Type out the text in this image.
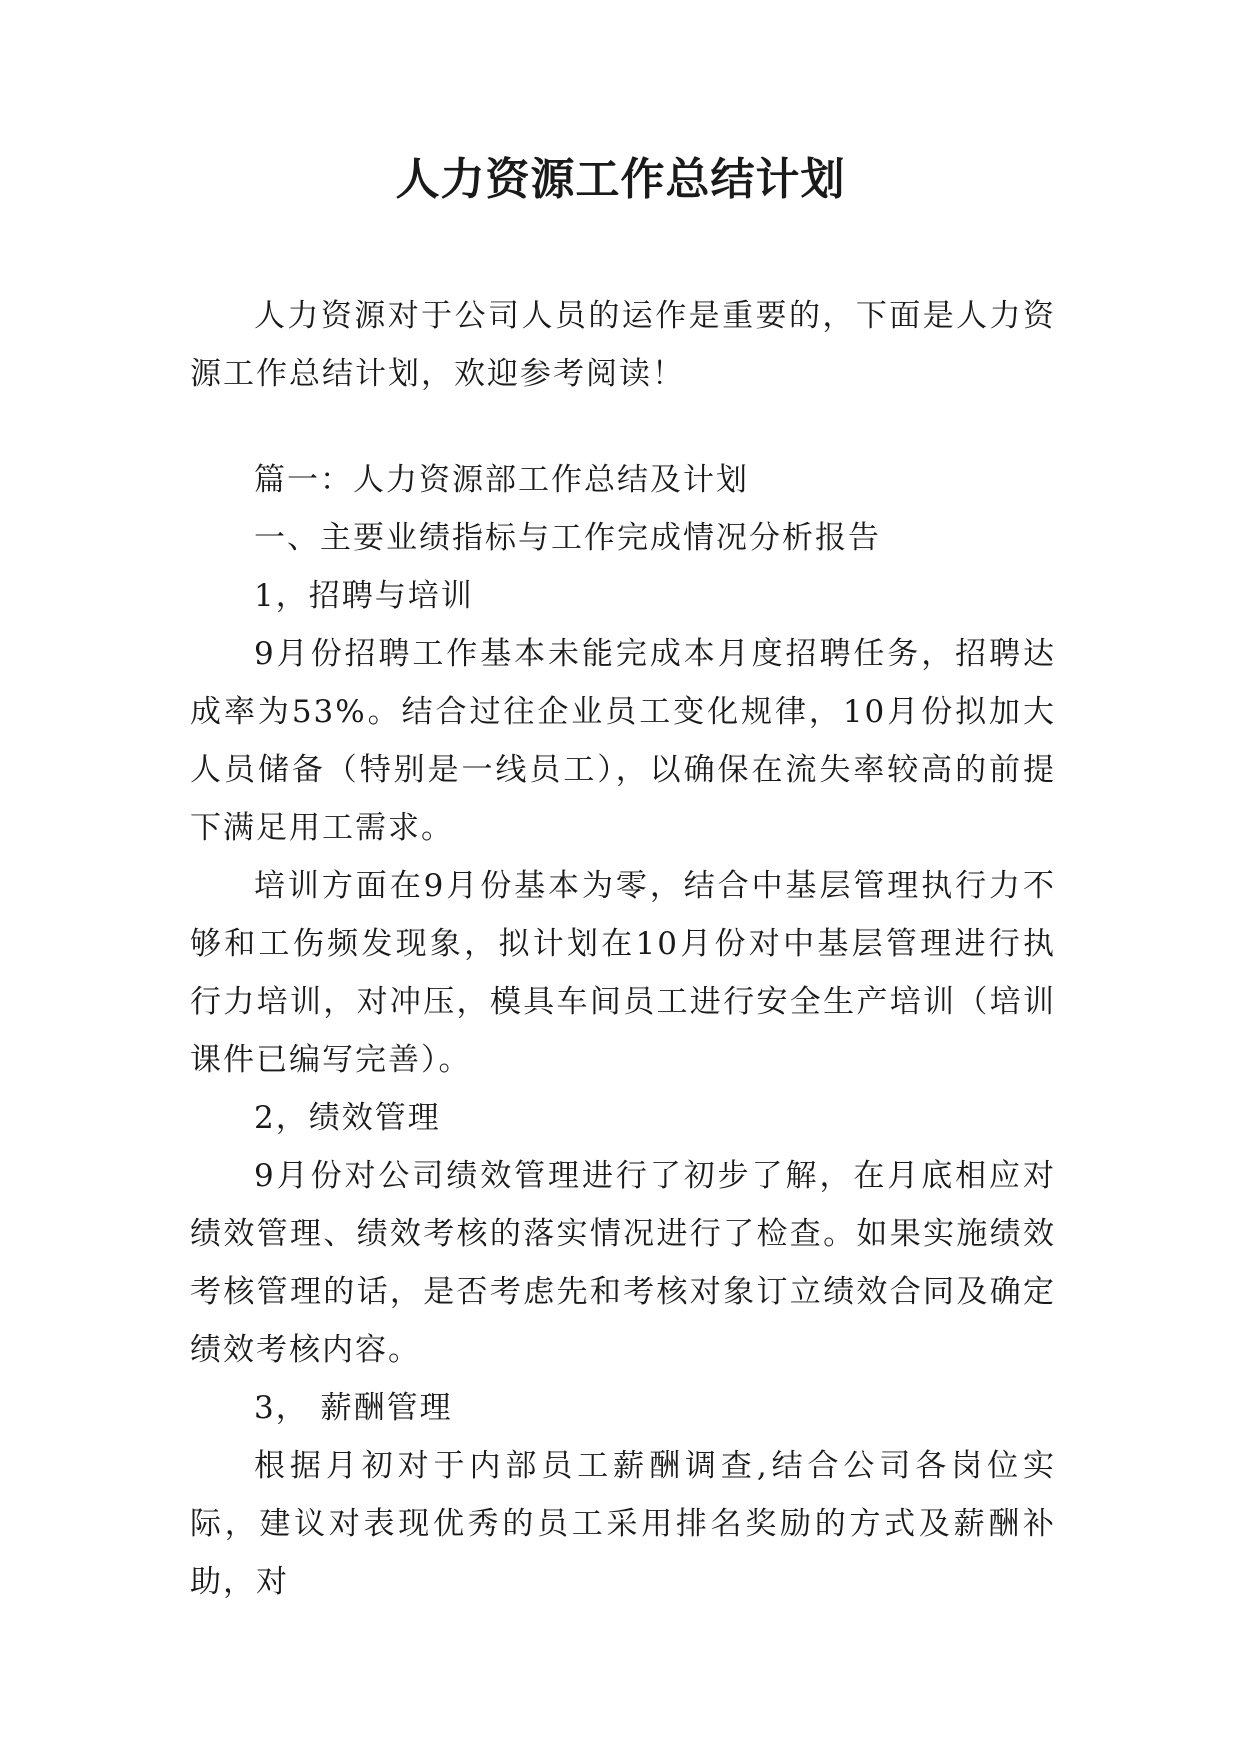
人力资源工作总结计划

人力资源对于公司人员的运作是重要的，下面是人力资源工作总结计划，欢迎参考阅读！

篇一：人力资源部工作总结及计划

一、主要业绩指标与工作完成情况分析报告

1，招聘与培训

9月份招聘工作基本未能完成本月度招聘任务，招聘达成率为53%。结合过往企业员工变化规律，10月份拟加大人员储备（特别是一线员工），以确保在流失率较高的前提下满足用工需求。

培训方面在9月份基本为零，结合中基层管理执行力不够和工伤频发现象，拟计划在10月份对中基层管理进行执行力培训，对冲压，模具车间员工进行安全生产培训（培训课件已编写完善）。

2，绩效管理

9月份对公司绩效管理进行了初步了解，在月底相应对绩效管理、绩效考核的落实情况进行了检查。如果实施绩效考核管理的话，是否考虑先和考核对象订立绩效合同及确定绩效考核内容。

3， 薪酬管理

根据月初对于内部员工薪酬调查,结合公司各岗位实际，建议对表现优秀的员工采用排名奖励的方式及薪酬补助，对
